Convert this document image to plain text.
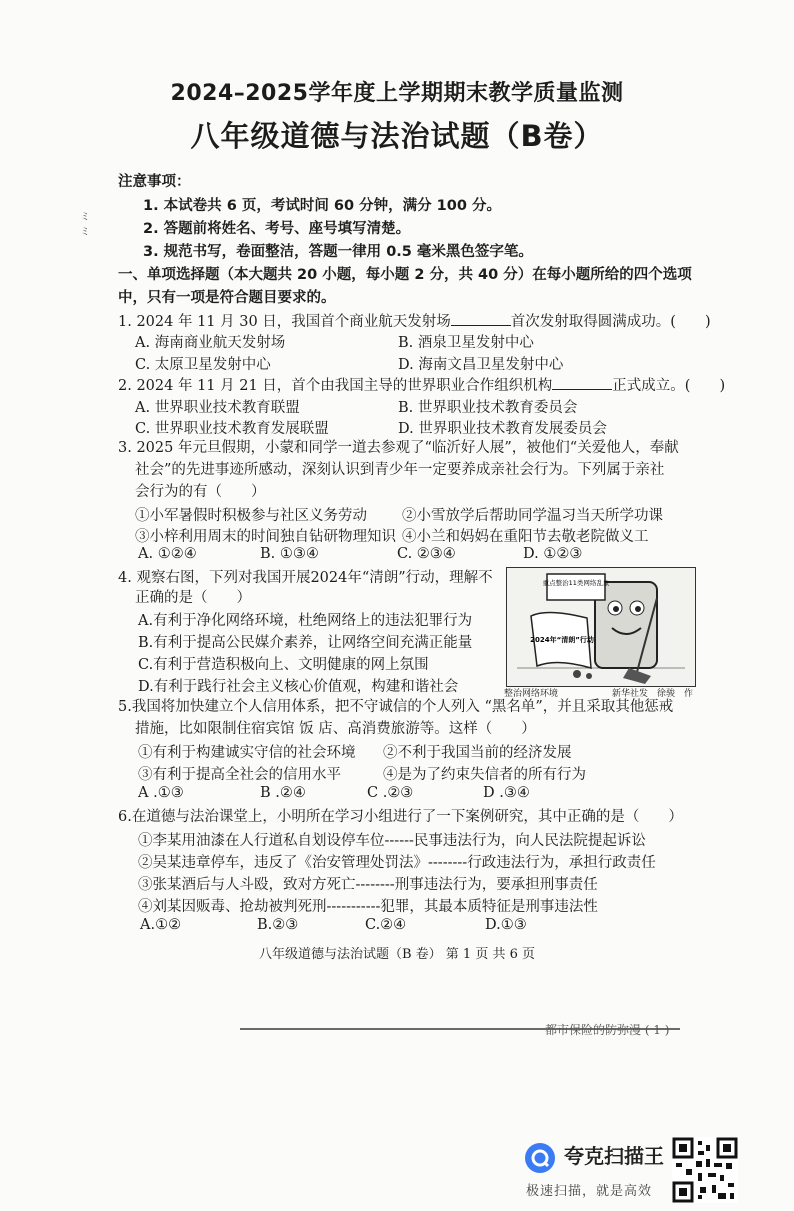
ミ
ミ
2024–2025学年度上学期期末教学质量监测
八年级道德与法治试题（B卷）
注意事项：
1. 本试卷共 6 页，考试时间 60 分钟，满分 100 分。
2. 答题前将姓名、考号、座号填写清楚。
3. 规范书写，卷面整洁，答题一律用 0.5 毫米黑色签字笔。
一、单项选择题（本大题共 20 小题，每小题 2 分，共 40 分）在每小题所给的四个选项
中，只有一项是符合题目要求的。
1. 2024 年 11 月 30 日，我国首个商业航天发射场	首次发射取得圆满成功。(　　)
A. 海南商业航天发射场	B. 酒泉卫星发射中心
C. 太原卫星发射中心	D. 海南文昌卫星发射中心
2. 2024 年 11 月 21 日，首个由我国主导的世界职业合作组织机构	正式成立。(　　)
A. 世界职业技术教育联盟	B. 世界职业技术教育委员会
C. 世界职业技术教育发展联盟	D. 世界职业技术教育发展委员会
3. 2025 年元旦假期，小蒙和同学一道去参观了“临沂好人展”，被他们“关爱他人，奉献
社会”的先进事迹所感动，深刻认识到青少年一定要养成亲社会行为。下列属于亲社
会行为的有（　　）
①小军暑假时积极参与社区义务劳动 ②小雪放学后帮助同学温习当天所学功课
③小梓利用周末的时间独自钻研物理知识 ④小兰和妈妈在重阳节去敬老院做义工
A. ①②④	B. ①③④	C. ②③④	D. ①②③
4. 观察右图，下列对我国开展2024年“清朗”行动，理解不
正确的是（　　）
A.有利于净化网络环境，杜绝网络上的违法犯罪行为
B.有利于提高公民媒介素养，让网络空间充满正能量
C.有利于营造积极向上、文明健康的网上氛围
D.有利于践行社会主义核心价值观，构建和谐社会
重点整治11类网络乱象
2024年“清朗”行动
整治网络环境	新华社发　徐骏　作
5.我国将加快建立个人信用体系，把不守诚信的个人列入 “黑名单”，并且采取其他惩戒
措施，比如限制住宿宾馆 饭 店、高消费旅游等。这样（　　）
①有利于构建诚实守信的社会环境 ②不利于我国当前的经济发展
③有利于提高全社会的信用水平	④是为了约束失信者的所有行为
A .①③	B .②④	C .②③	D .③④
6.在道德与法治课堂上，小明所在学习小组进行了一下案例研究，其中正确的是（　　）
①李某用油漆在人行道私自划设停车位------民事违法行为，向人民法院提起诉讼
②吴某违章停车，违反了《治安管理处罚法》--------行政违法行为，承担行政责任
③张某酒后与人斗殴，致对方死亡--------刑事违法行为，要承担刑事责任
④刘某因贩毒、抢劫被判死刑-----------犯罪，其最本质特征是刑事违法性
A.①②	B.②③	C.②④	D.①③
八年级道德与法治试题（B 卷） 第 1 页 共 6 页
都市保险的防弥漫 ( 1 )
夸克扫描王
极速扫描，就是高效
